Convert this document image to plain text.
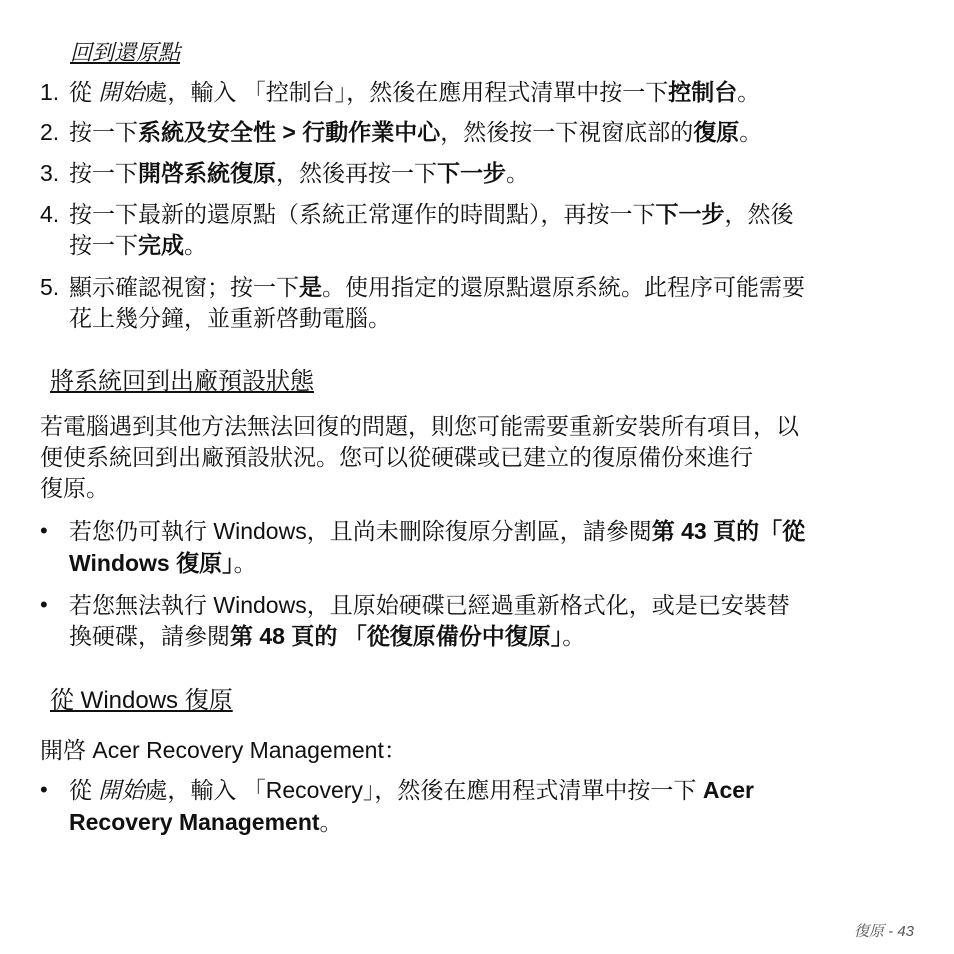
回到還原點
1. 從 開始處，輸入 「控制台」，然後在應用程式清單中按一下控制台。
2. 按一下系統及安全性 > 行動作業中心，然後按一下視窗底部的復原。
3. 按一下開啓系統復原，然後再按一下下一步。
4. 按一下最新的還原點（系統正常運作的時間點），再按一下下一步，然後
按一下完成。
5. 顯示確認視窗；按一下是。使用指定的還原點還原系統。此程序可能需要
花上幾分鐘，並重新啓動電腦。
將系統回到出廠預設狀態
若電腦遇到其他方法無法回復的問題，則您可能需要重新安裝所有項目，以
便使系統回到出廠預設狀況。您可以從硬碟或已建立的復原備份來進行
復原。
• 若您仍可執行 Windows，且尚未刪除復原分割區，請參閱第 43 頁的「從
Windows 復原」。
• 若您無法執行 Windows，且原始硬碟已經過重新格式化，或是已安裝替
換硬碟，請參閱第 48 頁的 「從復原備份中復原」。
從 Windows 復原
開啓 Acer Recovery Management：
• 從 開始處，輸入 「Recovery」，然後在應用程式清單中按一下 Acer
Recovery Management。
復原 - 43
